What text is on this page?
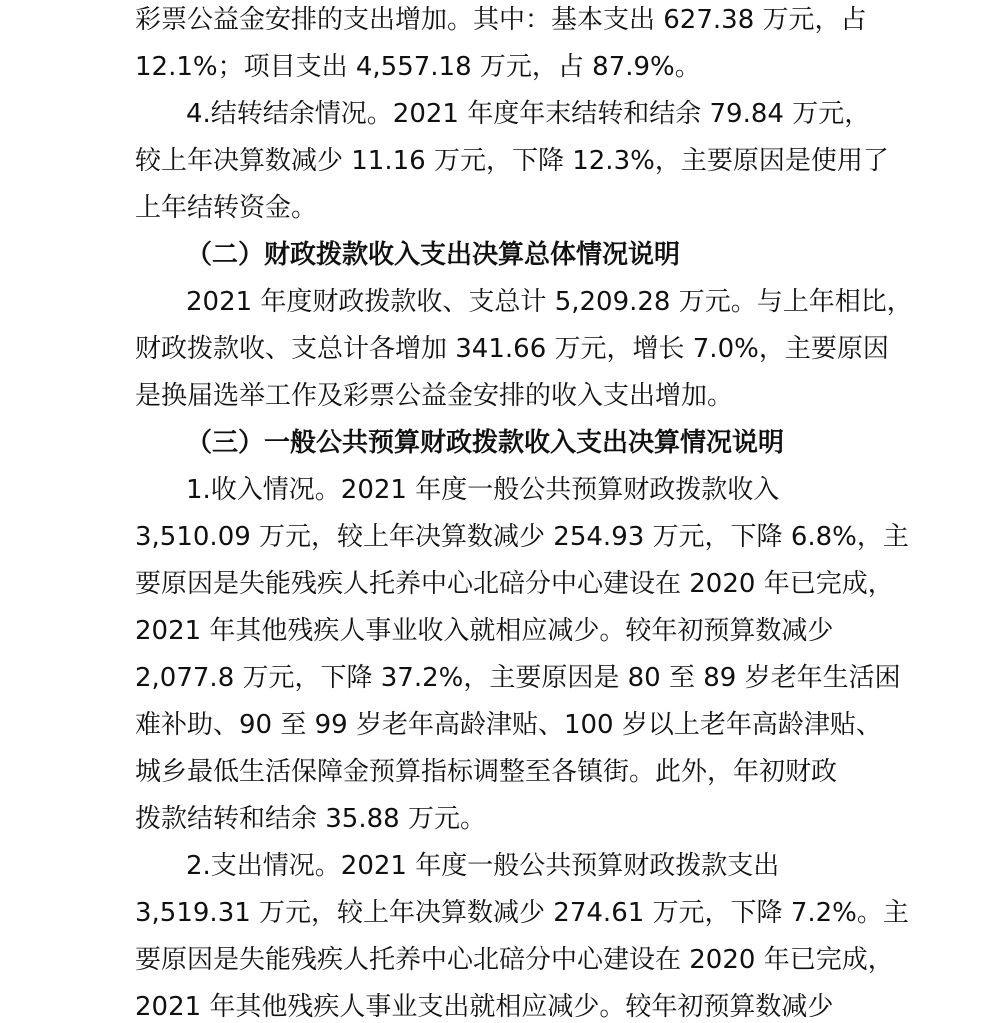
彩票公益金安排的支出增加。其中：基本支出 627.38 万元，占
12.1%；项目支出 4,557.18 万元，占 87.9%。
4.结转结余情况。2021 年度年末结转和结余 79.84 万元，
较上年决算数减少 11.16 万元，下降 12.3%，主要原因是使用了
上年结转资金。
（二）财政拨款收入支出决算总体情况说明
2021 年度财政拨款收、支总计 5,209.28 万元。与上年相比，
财政拨款收、支总计各增加 341.66 万元，增长 7.0%，主要原因
是换届选举工作及彩票公益金安排的收入支出增加。
（三）一般公共预算财政拨款收入支出决算情况说明
1.收入情况。2021 年度一般公共预算财政拨款收入
3,510.09 万元，较上年决算数减少 254.93 万元，下降 6.8%，主
要原因是失能残疾人托养中心北碚分中心建设在 2020 年已完成，
2021 年其他残疾人事业收入就相应减少。较年初预算数减少
2,077.8 万元，下降 37.2%，主要原因是 80 至 89 岁老年生活困
难补助、90 至 99 岁老年高龄津贴、100 岁以上老年高龄津贴、
城乡最低生活保障金预算指标调整至各镇街。此外，年初财政
拨款结转和结余 35.88 万元。
2.支出情况。2021 年度一般公共预算财政拨款支出
3,519.31 万元，较上年决算数减少 274.61 万元，下降 7.2%。主
要原因是失能残疾人托养中心北碚分中心建设在 2020 年已完成，
2021 年其他残疾人事业支出就相应减少。较年初预算数减少
